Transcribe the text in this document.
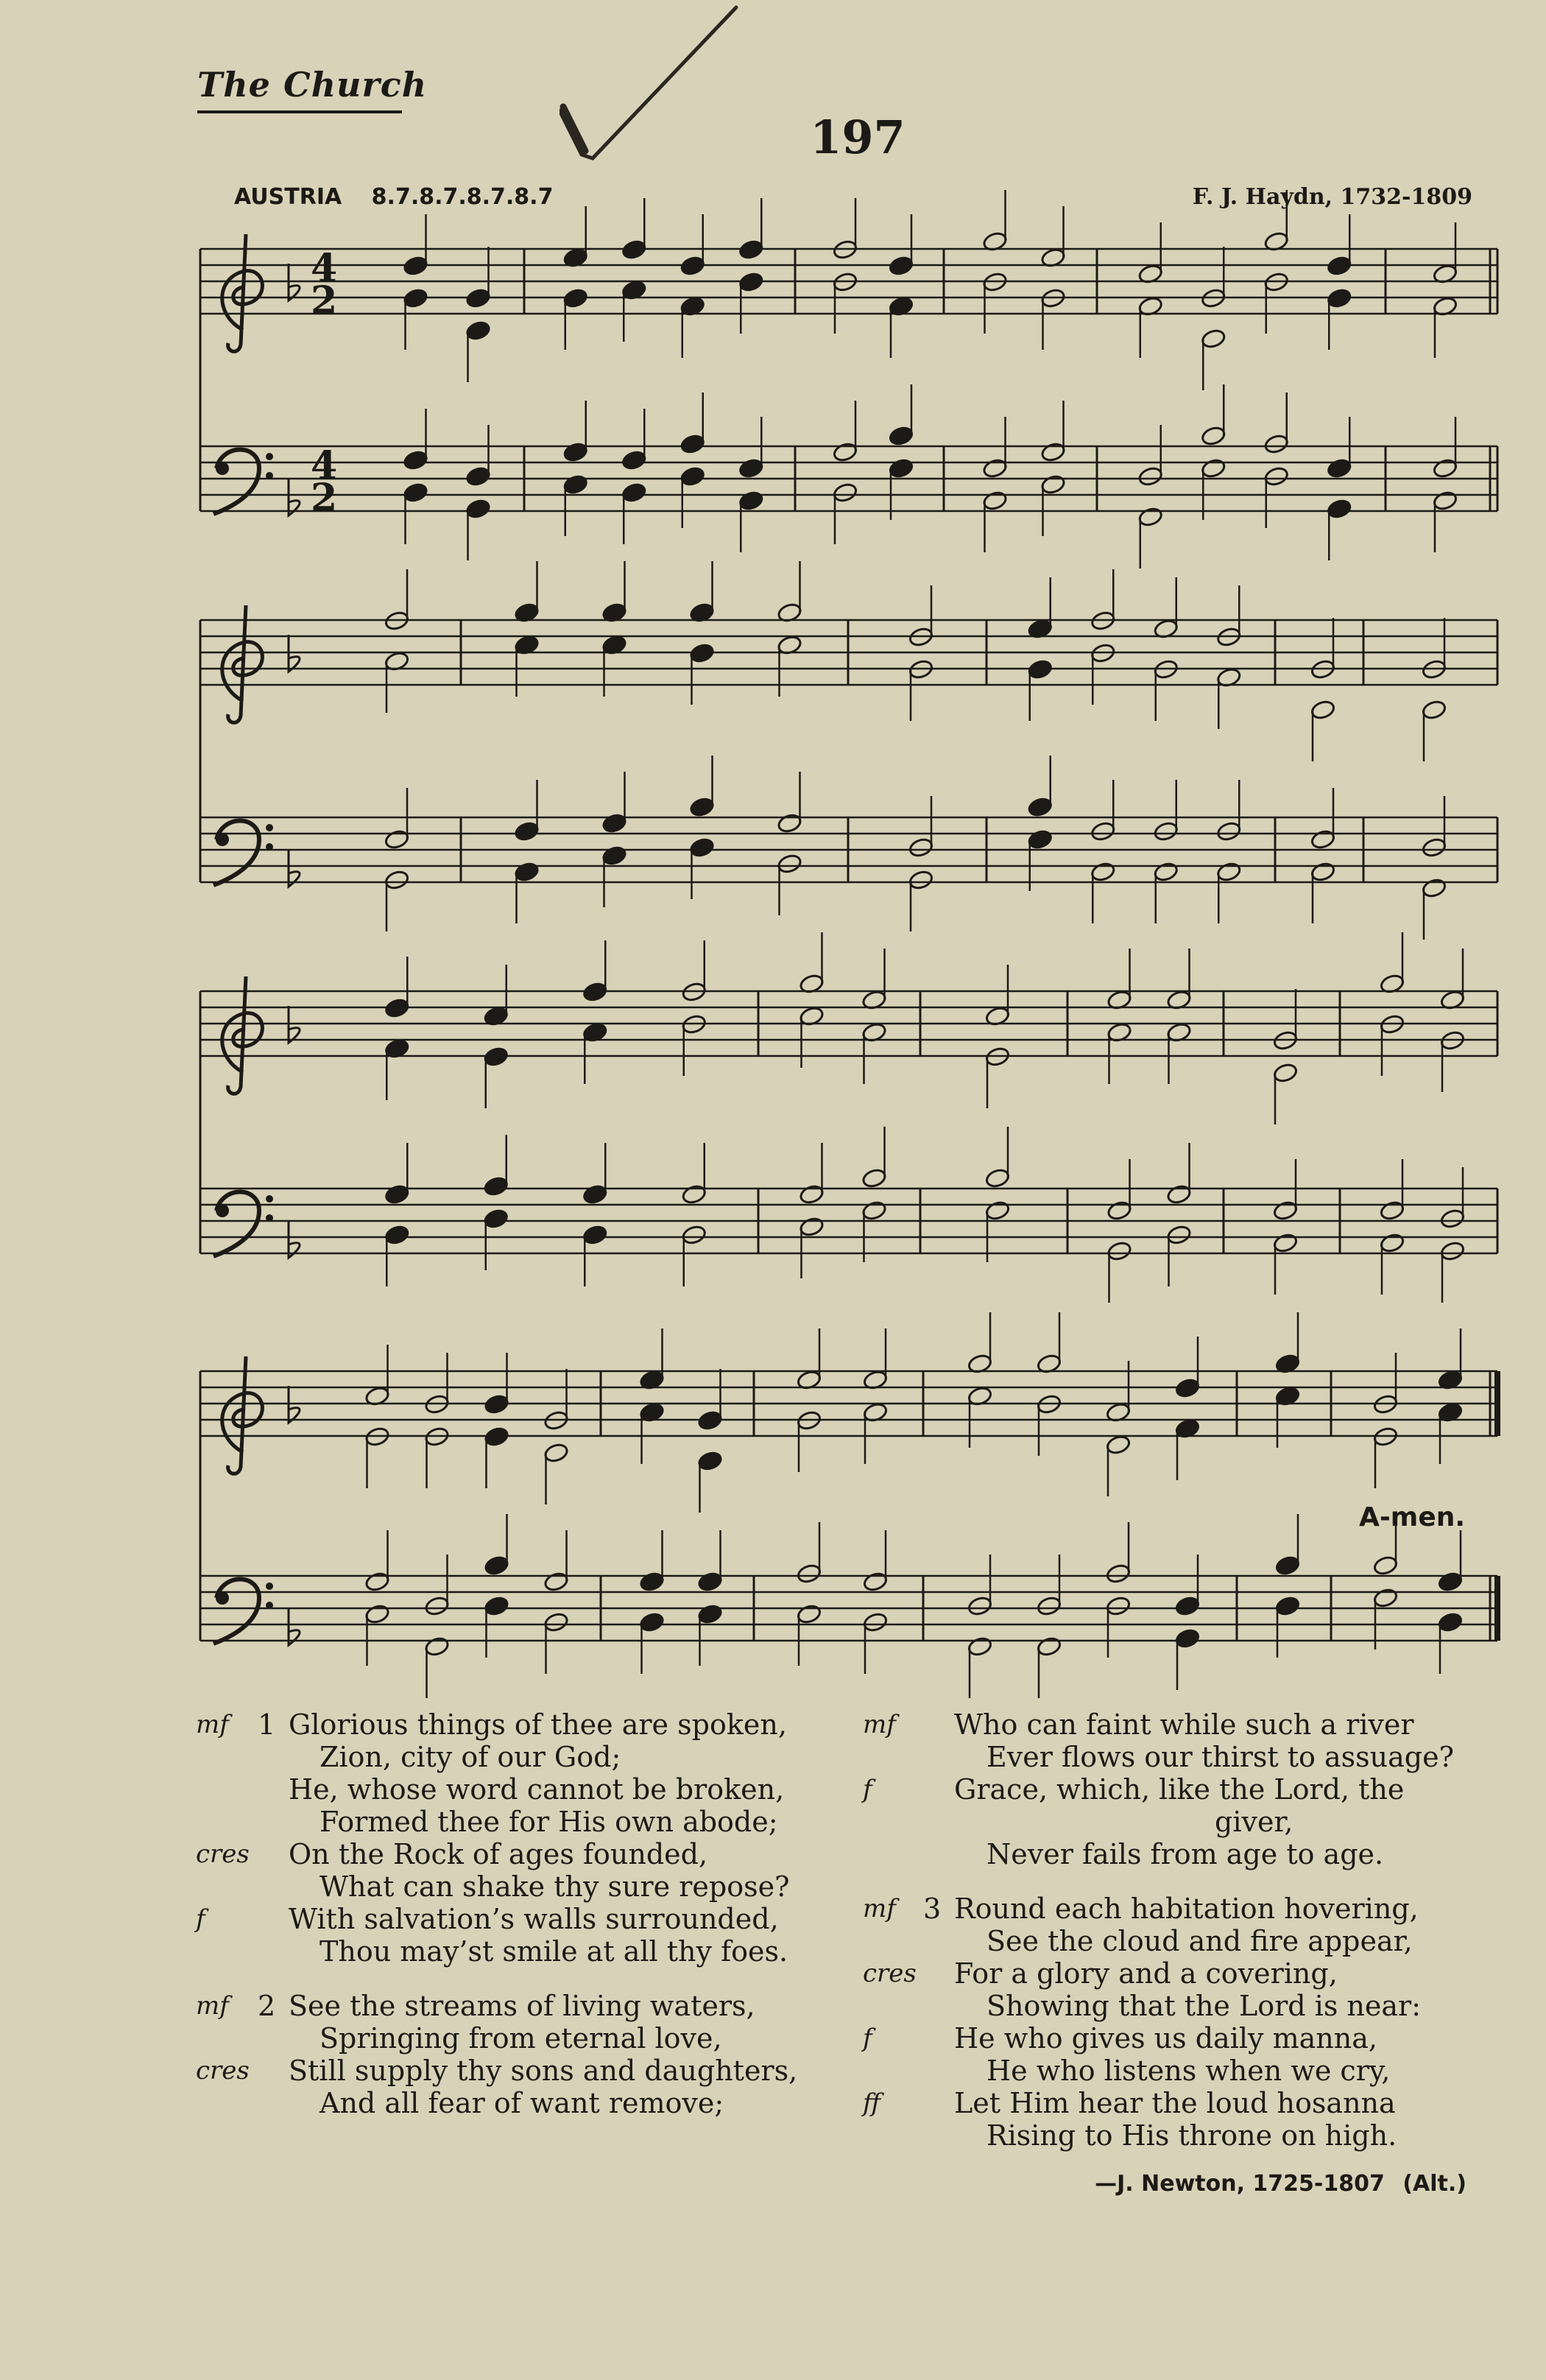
The Church
197
AUSTRIA 8.7.8.7.8.7.8.7	F. J. Haydn, 1732-1809
4
2
4
2
A-men.
mf 1 Glorious things of thee are spoken,
Zion, city of our God;
He, whose word cannot be broken,
Formed thee for His own abode;
cres On the Rock of ages founded,
What can shake thy sure repose?
f	With salvation’s walls surrounded,
Thou may’st smile at all thy foes.
mf 2 See the streams of living waters,
Springing from eternal love,
cres Still supply thy sons and daughters,
And all fear of want remove;
mf Who can faint while such a river
Ever flows our thirst to assuage?
f	Grace, which, like the Lord, the
giver,
Never fails from age to age.
mf 3 Round each habitation hovering,
See the cloud and fire appear,
cres For a glory and a covering,
Showing that the Lord is near:
f	He who gives us daily manna,
He who listens when we cry,
ff	Let Him hear the loud hosanna
Rising to His throne on high.
—J. Newton, 1725-1807 (Alt.)
